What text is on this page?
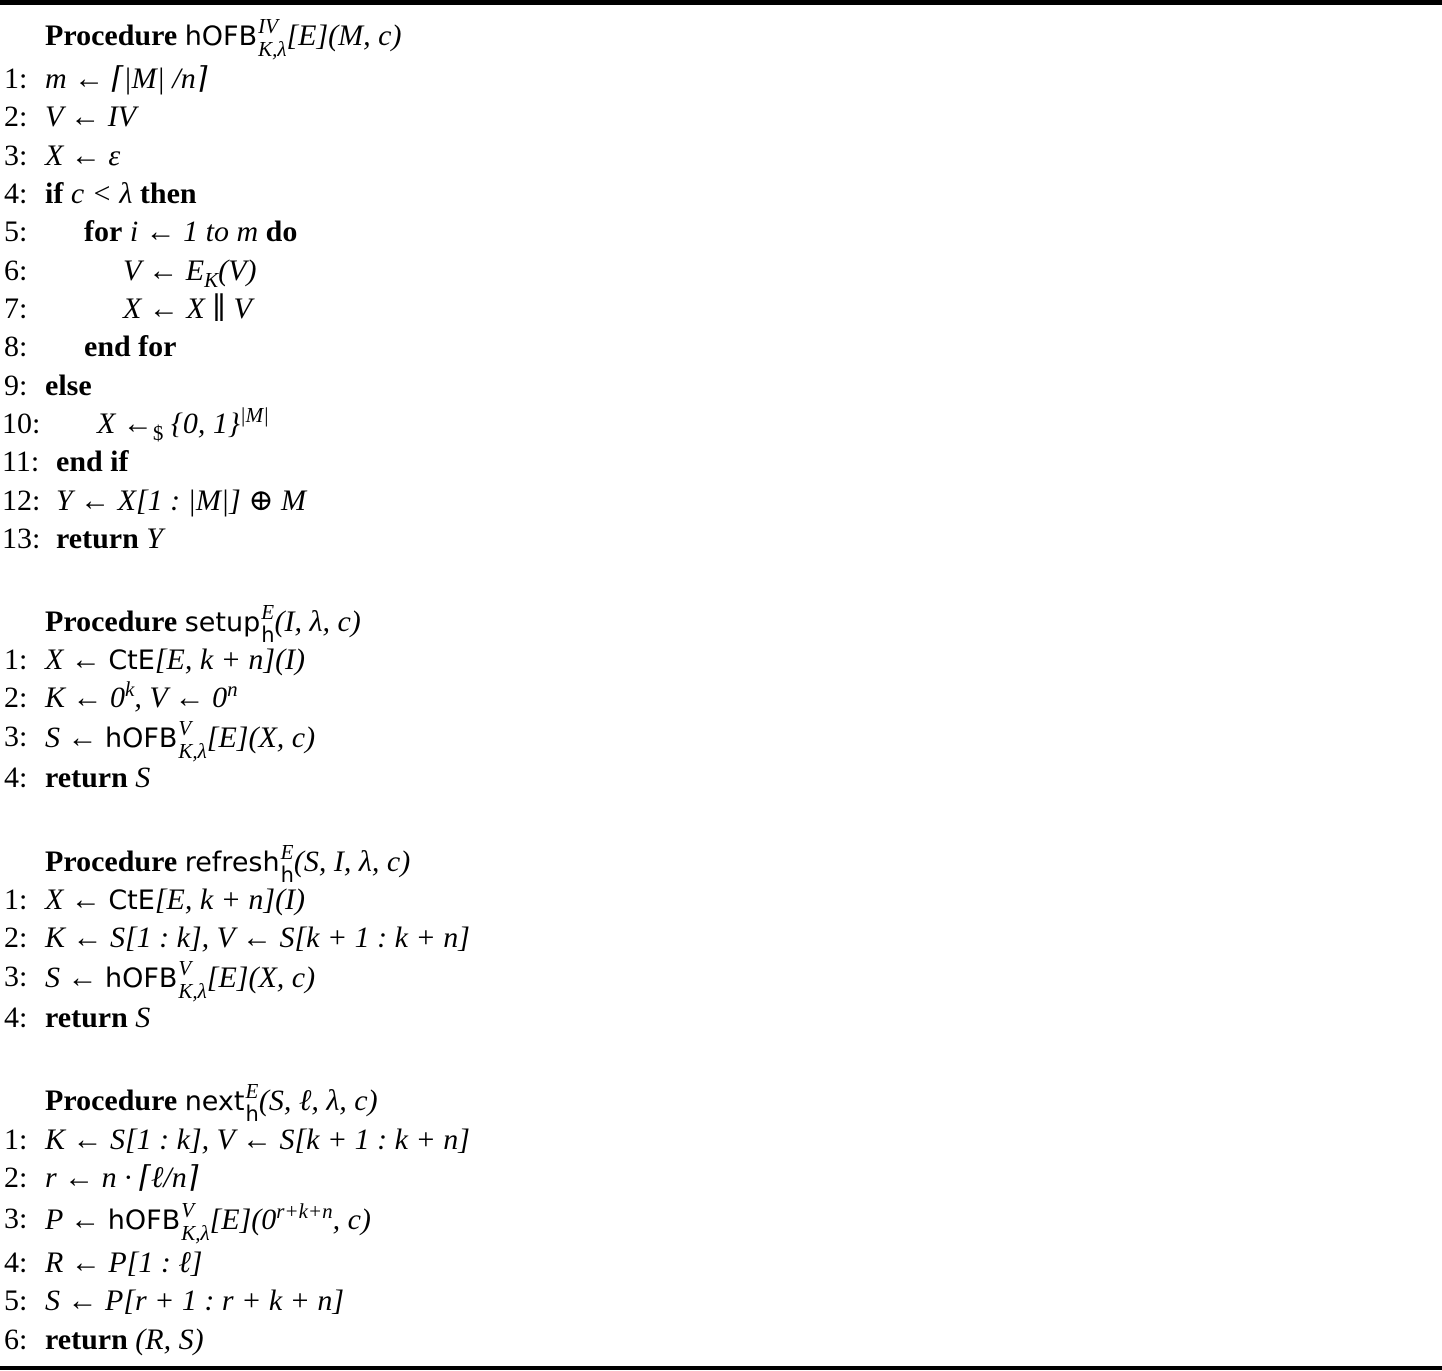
Procedure hOFB IV
K,λ [E](M, c)
1: m ← ⌈|M| /n⌉
2: V ← IV
3: X ← ε
4: if c < λ then
5: for i ← 1 to m do
6:	V ← $E_K(V)$
7:	X ← X ∥ V
8: end for
9: else
10: X $\leftarrow_{\$}$ {0, 1}$^{|M|}$
11: end if
12: Y ← X[1 : |M|] ⊕ M
13: return Y
Procedure setup E
h (I, λ, c)
1: X ← CtE[E, k + n](I)
2: K ← 0$^k$, V ← 0$^n$
3: S ← hOFB V
K,λ [E](X, c)
4: return S
Procedure refresh E
h (S, I, λ, c)
1: X ← CtE[E, k + n](I)
2: K ← S[1 : k], V ← S[k + 1 : k + n]
3: S ← hOFB V
K,λ [E](X, c)
4: return S
Procedure next E
h (S, ℓ, λ, c)
1: K ← S[1 : k], V ← S[k + 1 : k + n]
2: r ← n · ⌈ℓ/n⌉
3: P ← hOFB V
K,λ $[E](0^{r+k+n}$, c)
4: R ← P[1 : ℓ]
5: S ← P[r + 1 : r + k + n]
6: return (R, S)
